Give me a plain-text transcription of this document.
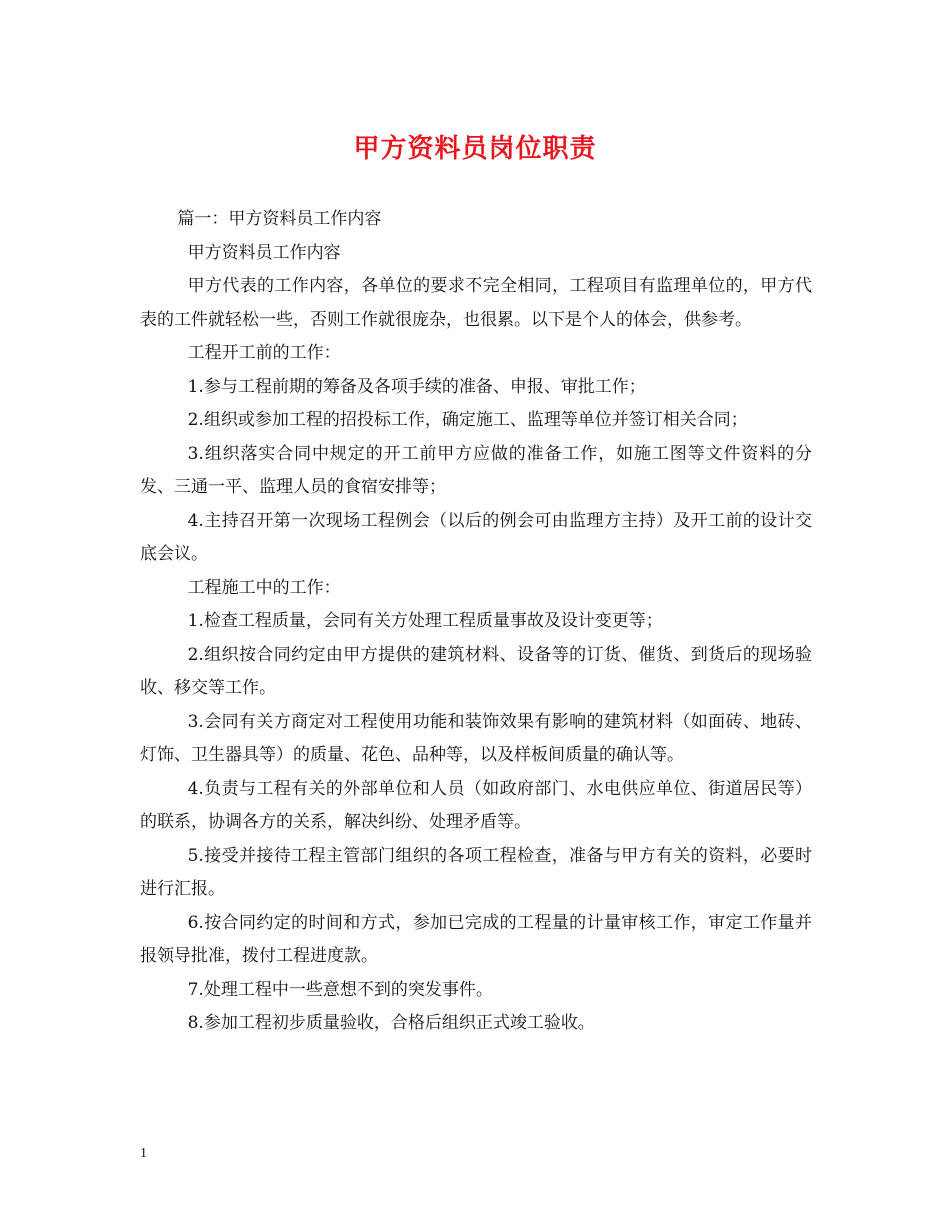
甲方资料员岗位职责

篇一：甲方资料员工作内容

甲方资料员工作内容

甲方代表的工作内容，各单位的要求不完全相同，工程项目有监理单位的，甲方代表的工件就轻松一些，否则工作就很庞杂，也很累。以下是个人的体会，供参考。

工程开工前的工作：

1.参与工程前期的筹备及各项手续的准备、申报、审批工作；

2.组织或参加工程的招投标工作，确定施工、监理等单位并签订相关合同；

3.组织落实合同中规定的开工前甲方应做的准备工作，如施工图等文件资料的分发、三通一平、监理人员的食宿安排等；

4.主持召开第一次现场工程例会（以后的例会可由监理方主持）及开工前的设计交底会议。

工程施工中的工作：

1.检查工程质量，会同有关方处理工程质量事故及设计变更等；

2.组织按合同约定由甲方提供的建筑材料、设备等的订货、催货、到货后的现场验收、移交等工作。

3.会同有关方商定对工程使用功能和装饰效果有影响的建筑材料（如面砖、地砖、灯饰、卫生器具等）的质量、花色、品种等，以及样板间质量的确认等。

4.负责与工程有关的外部单位和人员（如政府部门、水电供应单位、街道居民等）的联系，协调各方的关系，解决纠纷、处理矛盾等。

5.接受并接待工程主管部门组织的各项工程检查，准备与甲方有关的资料，必要时进行汇报。

6.按合同约定的时间和方式，参加已完成的工程量的计量审核工作，审定工作量并报领导批准，拨付工程进度款。

7.处理工程中一些意想不到的突发事件。

8.参加工程初步质量验收，合格后组织正式竣工验收。

1
